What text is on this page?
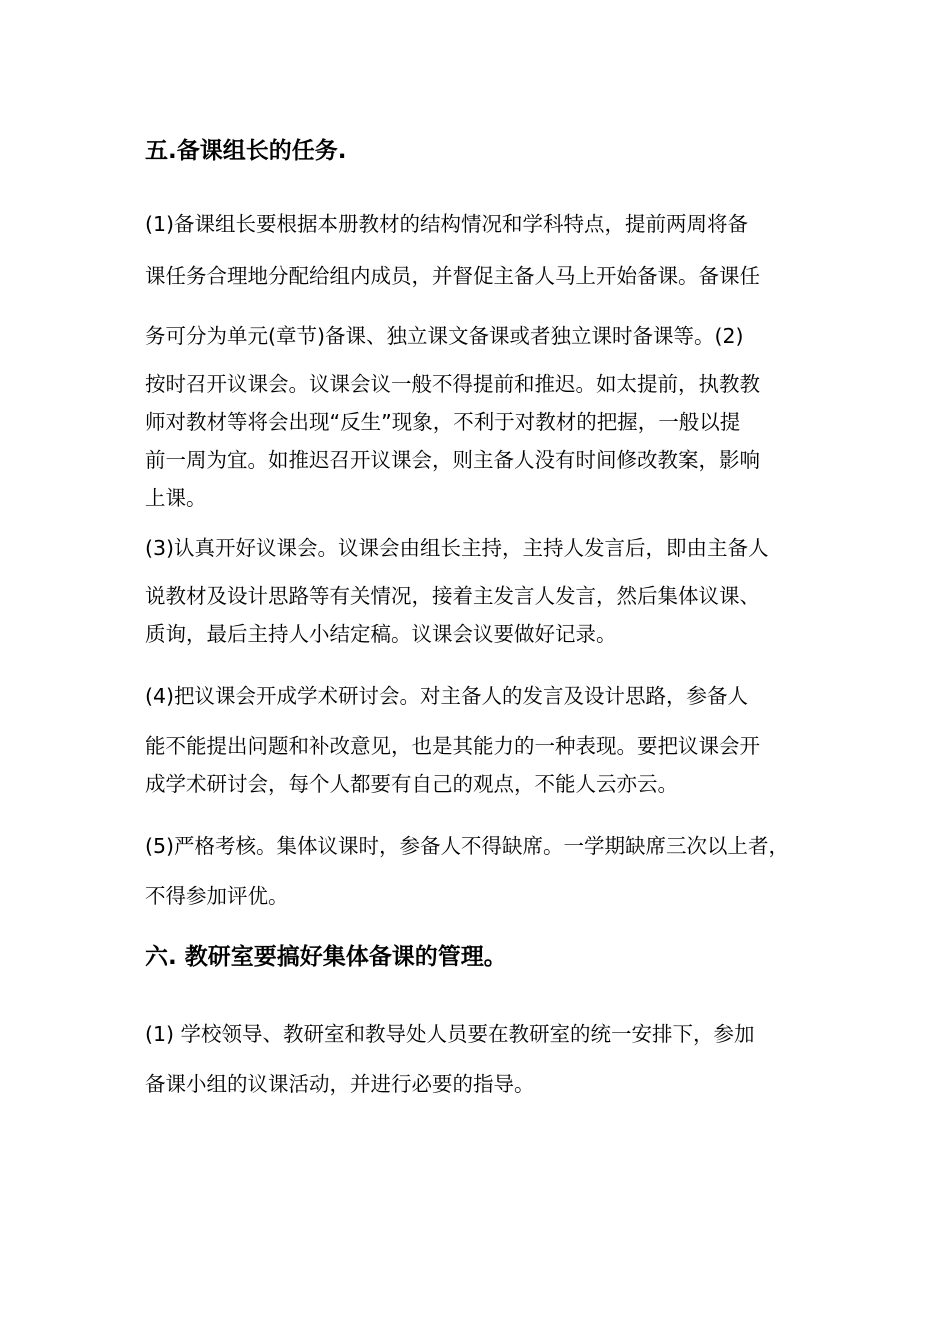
五.备课组长的任务.

(1)备课组长要根据本册教材的结构情况和学科特点，提前两周将备

课任务合理地分配给组内成员，并督促主备人马上开始备课。备课任

务可分为单元(章节)备课、独立课文备课或者独立课时备课等。(2)

按时召开议课会。议课会议一般不得提前和推迟。如太提前，执教教

师对教材等将会出现“反生”现象，不利于对教材的把握，一般以提

前一周为宜。如推迟召开议课会，则主备人没有时间修改教案，影响

上课。

(3)认真开好议课会。议课会由组长主持，主持人发言后，即由主备人

说教材及设计思路等有关情况，接着主发言人发言，然后集体议课、

质询，最后主持人小结定稿。议课会议要做好记录。

(4)把议课会开成学术研讨会。对主备人的发言及设计思路，参备人

能不能提出问题和补改意见，也是其能力的一种表现。要把议课会开

成学术研讨会，每个人都要有自己的观点，不能人云亦云。

(5)严格考核。集体议课时，参备人不得缺席。一学期缺席三次以上者，

不得参加评优。

六. 教研室要搞好集体备课的管理。

(1) 学校领导、教研室和教导处人员要在教研室的统一安排下，参加

备课小组的议课活动，并进行必要的指导。
